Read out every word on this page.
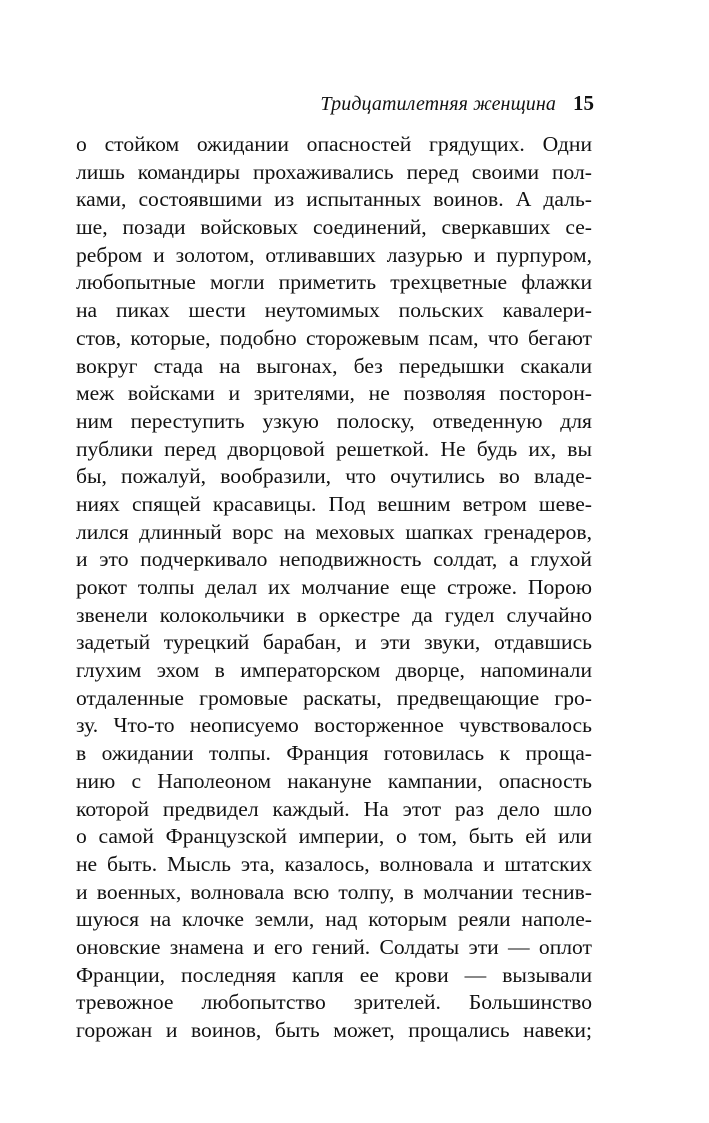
Тридцатилетняя женщина 15
о стойком ожидании опасностей грядущих. Одни
лишь командиры прохаживались перед своими пол-
ками, состоявшими из испытанных воинов. А даль-
ше, позади войсковых соединений, сверкавших се-
ребром и золотом, отливавших лазурью и пурпуром,
любопытные могли приметить трехцветные флажки
на пиках шести неутомимых польских кавалери-
стов, которые, подобно сторожевым псам, что бегают
вокруг стада на выгонах, без передышки скакали
меж войсками и зрителями, не позволяя посторон-
ним переступить узкую полоску, отведенную для
публики перед дворцовой решеткой. Не будь их, вы
бы, пожалуй, вообразили, что очутились во владе-
ниях спящей красавицы. Под вешним ветром шеве-
лился длинный ворс на меховых шапках гренадеров,
и это подчеркивало неподвижность солдат, а глухой
рокот толпы делал их молчание еще строже. Порою
звенели колокольчики в оркестре да гудел случайно
задетый турецкий барабан, и эти звуки, отдавшись
глухим эхом в императорском дворце, напоминали
отдаленные громовые раскаты, предвещающие гро-
зу. Что-то неописуемо восторженное чувствовалось
в ожидании толпы. Франция готовилась к проща-
нию с Наполеоном накануне кампании, опасность
которой предвидел каждый. На этот раз дело шло
о самой Французской империи, о том, быть ей или
не быть. Мысль эта, казалось, волновала и штатских
и военных, волновала всю толпу, в молчании теснив-
шуюся на клочке земли, над которым реяли наполе-
оновские знамена и его гений. Солдаты эти — оплот
Франции, последняя капля ее крови — вызывали
тревожное любопытство зрителей. Большинство
горожан и воинов, быть может, прощались навеки;
